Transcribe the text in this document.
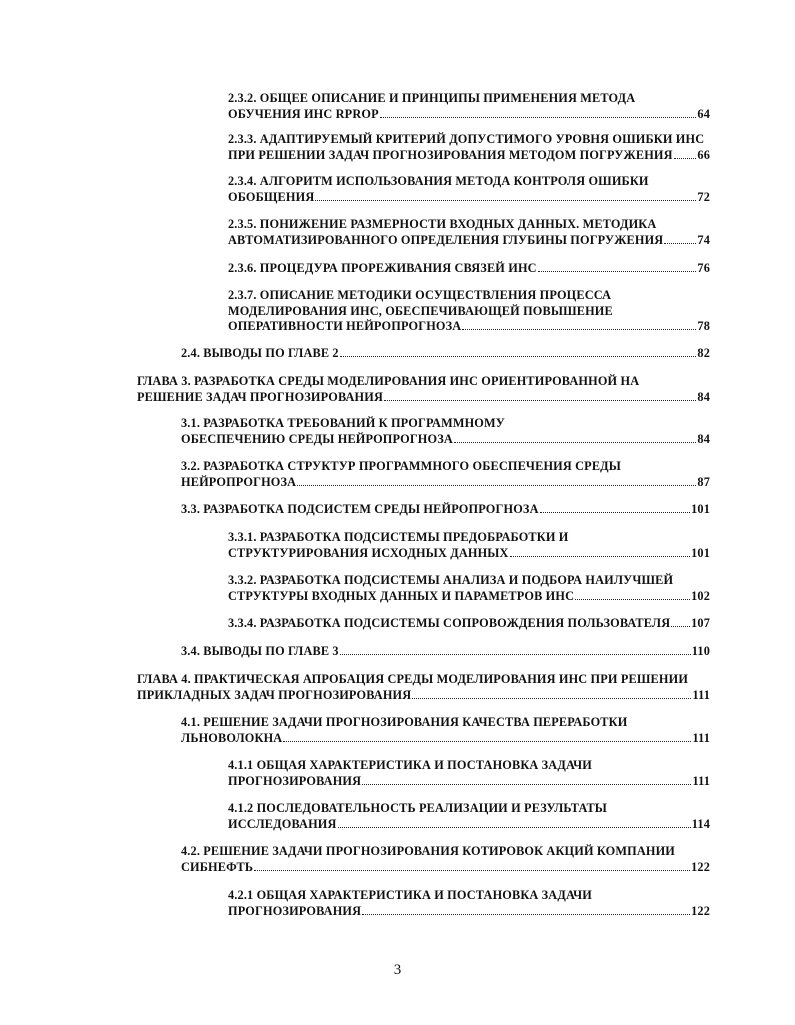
2.3.2. ОБЩЕЕ ОПИСАНИЕ И ПРИНЦИПЫ ПРИМЕНЕНИЯ МЕТОДА
ОБУЧЕНИЯ ИНС RPROP	64
2.3.3. АДАПТИРУЕМЫЙ КРИТЕРИЙ ДОПУСТИМОГО УРОВНЯ ОШИБКИ ИНС
ПРИ РЕШЕНИИ ЗАДАЧ ПРОГНОЗИРОВАНИЯ МЕТОДОМ ПОГРУЖЕНИЯ 66
2.3.4. АЛГОРИТМ ИСПОЛЬЗОВАНИЯ МЕТОДА КОНТРОЛЯ ОШИБКИ
ОБОБЩЕНИЯ	72
2.3.5. ПОНИЖЕНИЕ РАЗМЕРНОСТИ ВХОДНЫХ ДАННЫХ. МЕТОДИКА
АВТОМАТИЗИРОВАННОГО ОПРЕДЕЛЕНИЯ ГЛУБИНЫ ПОГРУЖЕНИЯ	74
2.3.6. ПРОЦЕДУРА ПРОРЕЖИВАНИЯ СВЯЗЕЙ ИНС	76
2.3.7. ОПИСАНИЕ МЕТОДИКИ ОСУЩЕСТВЛЕНИЯ ПРОЦЕССА
МОДЕЛИРОВАНИЯ ИНС, ОБЕСПЕЧИВАЮЩЕЙ ПОВЫШЕНИЕ
ОПЕРАТИВНОСТИ НЕЙРОПРОГНОЗА	78
2.4. ВЫВОДЫ ПО ГЛАВЕ 2	82
ГЛАВА 3. РАЗРАБОТКА СРЕДЫ МОДЕЛИРОВАНИЯ ИНС ОРИЕНТИРОВАННОЙ НА
РЕШЕНИЕ ЗАДАЧ ПРОГНОЗИРОВАНИЯ	84
3.1. РАЗРАБОТКА ТРЕБОВАНИЙ К ПРОГРАММНОМУ
ОБЕСПЕЧЕНИЮ СРЕДЫ НЕЙРОПРОГНОЗА	84
3.2. РАЗРАБОТКА СТРУКТУР ПРОГРАММНОГО ОБЕСПЕЧЕНИЯ СРЕДЫ
НЕЙРОПРОГНОЗА	87
3.3. РАЗРАБОТКА ПОДСИСТЕМ СРЕДЫ НЕЙРОПРОГНОЗА	101
3.3.1. РАЗРАБОТКА ПОДСИСТЕМЫ ПРЕДОБРАБОТКИ И
СТРУКТУРИРОВАНИЯ ИСХОДНЫХ ДАННЫХ	101
3.3.2. РАЗРАБОТКА ПОДСИСТЕМЫ АНАЛИЗА И ПОДБОРА НАИЛУЧШЕЙ
СТРУКТУРЫ ВХОДНЫХ ДАННЫХ И ПАРАМЕТРОВ ИНС	102
3.3.4. РАЗРАБОТКА ПОДСИСТЕМЫ СОПРОВОЖДЕНИЯ ПОЛЬЗОВАТЕЛЯ 107
3.4. ВЫВОДЫ ПО ГЛАВЕ 3	110
ГЛАВА 4. ПРАКТИЧЕСКАЯ АПРОБАЦИЯ СРЕДЫ МОДЕЛИРОВАНИЯ ИНС ПРИ РЕШЕНИИ
ПРИКЛАДНЫХ ЗАДАЧ ПРОГНОЗИРОВАНИЯ	111
4.1. РЕШЕНИЕ ЗАДАЧИ ПРОГНОЗИРОВАНИЯ КАЧЕСТВА ПЕРЕРАБОТКИ
ЛЬНОВОЛОКНА	111
4.1.1 ОБЩАЯ ХАРАКТЕРИСТИКА И ПОСТАНОВКА ЗАДАЧИ
ПРОГНОЗИРОВАНИЯ	111
4.1.2 ПОСЛЕДОВАТЕЛЬНОСТЬ РЕАЛИЗАЦИИ И РЕЗУЛЬТАТЫ
ИССЛЕДОВАНИЯ	114
4.2. РЕШЕНИЕ ЗАДАЧИ ПРОГНОЗИРОВАНИЯ КОТИРОВОК АКЦИЙ КОМПАНИИ
СИБНЕФТЬ	122
4.2.1 ОБЩАЯ ХАРАКТЕРИСТИКА И ПОСТАНОВКА ЗАДАЧИ
ПРОГНОЗИРОВАНИЯ	122
3
